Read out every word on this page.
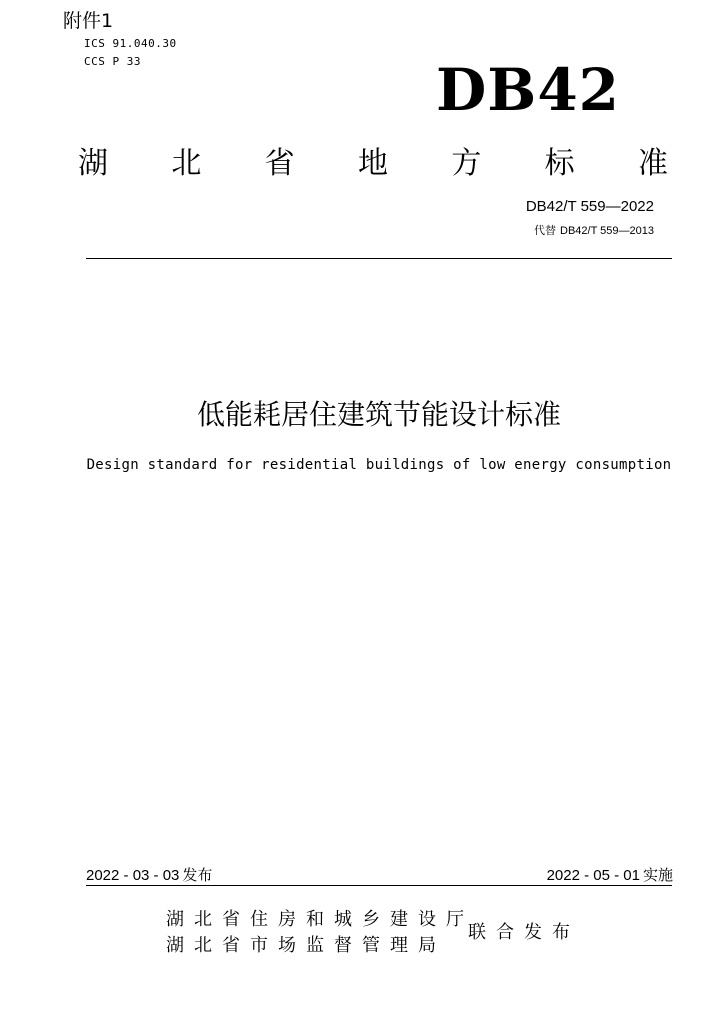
附件1
ICS 91.040.30
CCS P 33	DB42
湖 北 省 地 方 标 准
DB42/T 559—2022
代替 DB42/T 559—2013
低能耗居住建筑节能设计标准
Design standard for residential buildings of low energy consumption
2022 - 03 - 03 发布	2022 - 05 - 01 实施
湖北省住房和城乡建设厅
湖北省市场监督管理局
联合发布
